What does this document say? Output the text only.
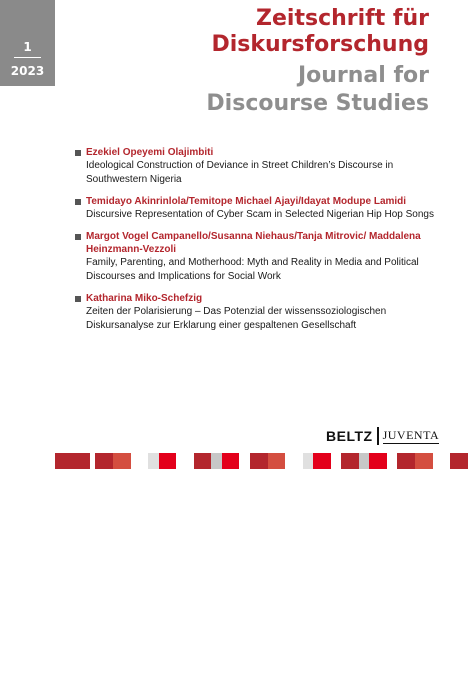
1
2023
Zeitschrift für
Diskursforschung
Journal for
Discourse Studies
Ezekiel Opeyemi Olajimbiti
Ideological Construction of Deviance in Street Children’s Discourse in Southwestern Nigeria
Temidayo Akinrinlola/Temitope Michael Ajayi/Idayat Modupe Lamidi
Discursive Representation of Cyber Scam in Selected Nigerian Hip Hop Songs
Margot Vogel Campanello/Susanna Niehaus/Tanja Mitrovic/ Maddalena Heinzmann-Vezzoli
Family, Parenting, and Motherhood: Myth and Reality in Media and Political Discourses and Implications for Social Work
Katharina Miko-Schefzig
Zeiten der Polarisierung – Das Potenzial der wissenssoziologischen Diskursanalyse zur Erklarung einer gespaltenen Gesellschaft
BELTZ JUVENTA
